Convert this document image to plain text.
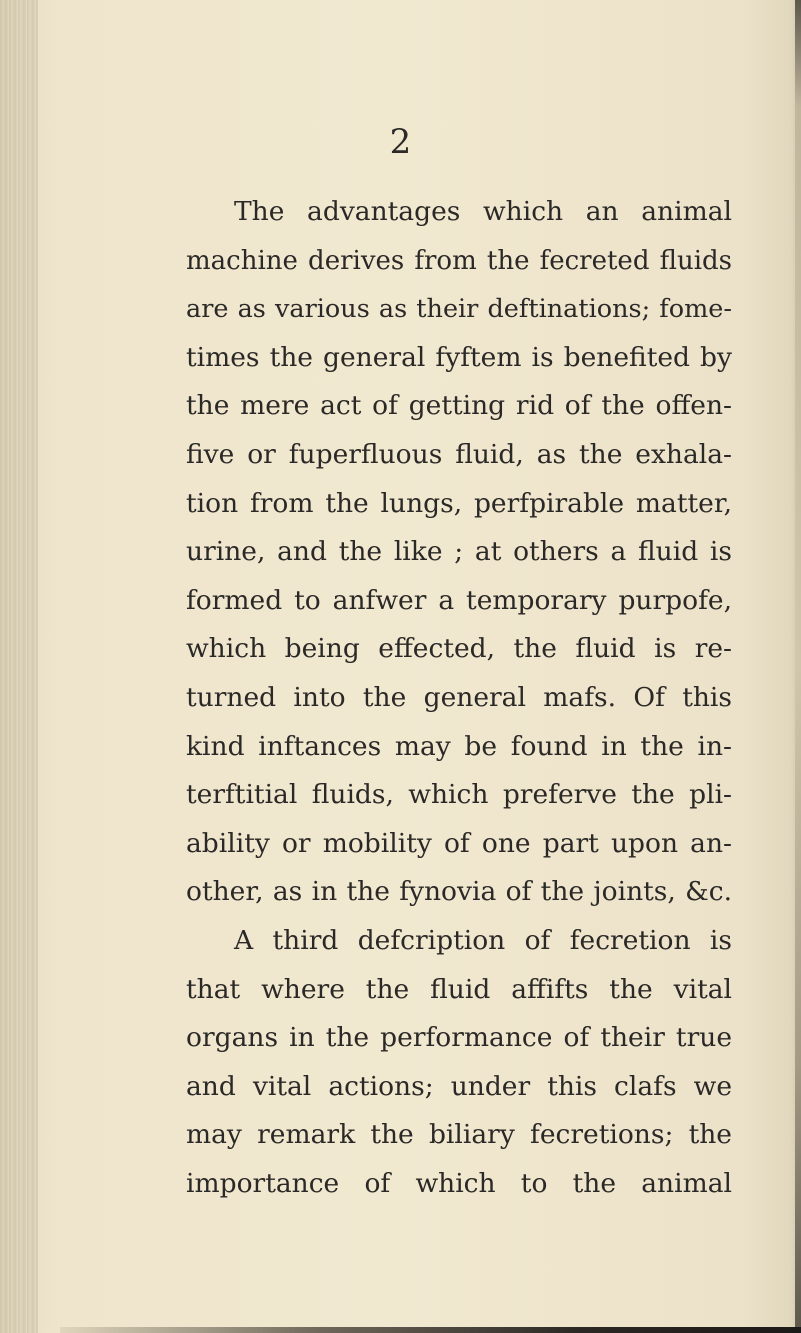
2
The advantages which an animal
machine derives from the fecreted fluids
are as various as their deftinations; fome-
times the general fyftem is benefited by
the mere act of getting rid of the offen-
five or fuperfluous fluid, as the exhala-
tion from the lungs, perfpirable matter,
urine, and the like ; at others a fluid is
formed to anfwer a temporary purpofe,
which being effected, the fluid is re-
turned into the general mafs. Of this
kind inftances may be found in the in-
terftitial fluids, which preferve the pli-
ability or mobility of one part upon an-
other, as in the fynovia of the joints, &c.
A third defcription of fecretion is
that where the fluid affifts the vital
organs in the performance of their true
and vital actions; under this clafs we
may remark the biliary fecretions; the
importance of which to the animal
